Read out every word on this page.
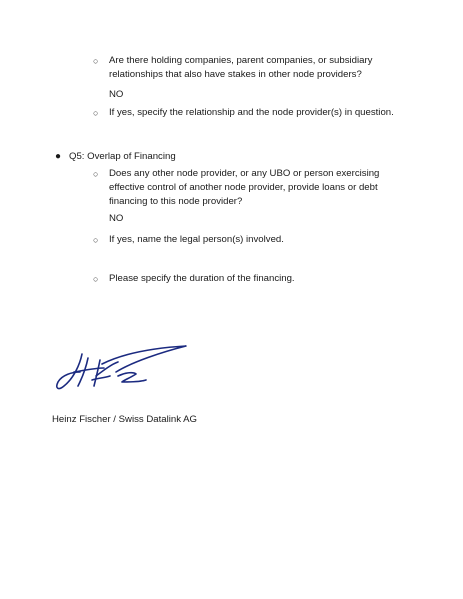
○	Are there holding companies, parent companies, or subsidiary relationships that also have stakes in other node providers?
NO
○	If yes, specify the relationship and the node provider(s) in question.
● Q5: Overlap of Financing
○	Does any other node provider, or any UBO or person exercising effective control of another node provider, provide loans or debt financing to this node provider?
NO
○	If yes, name the legal person(s) involved.
○	Please specify the duration of the financing.
Heinz Fischer / Swiss Datalink AG
